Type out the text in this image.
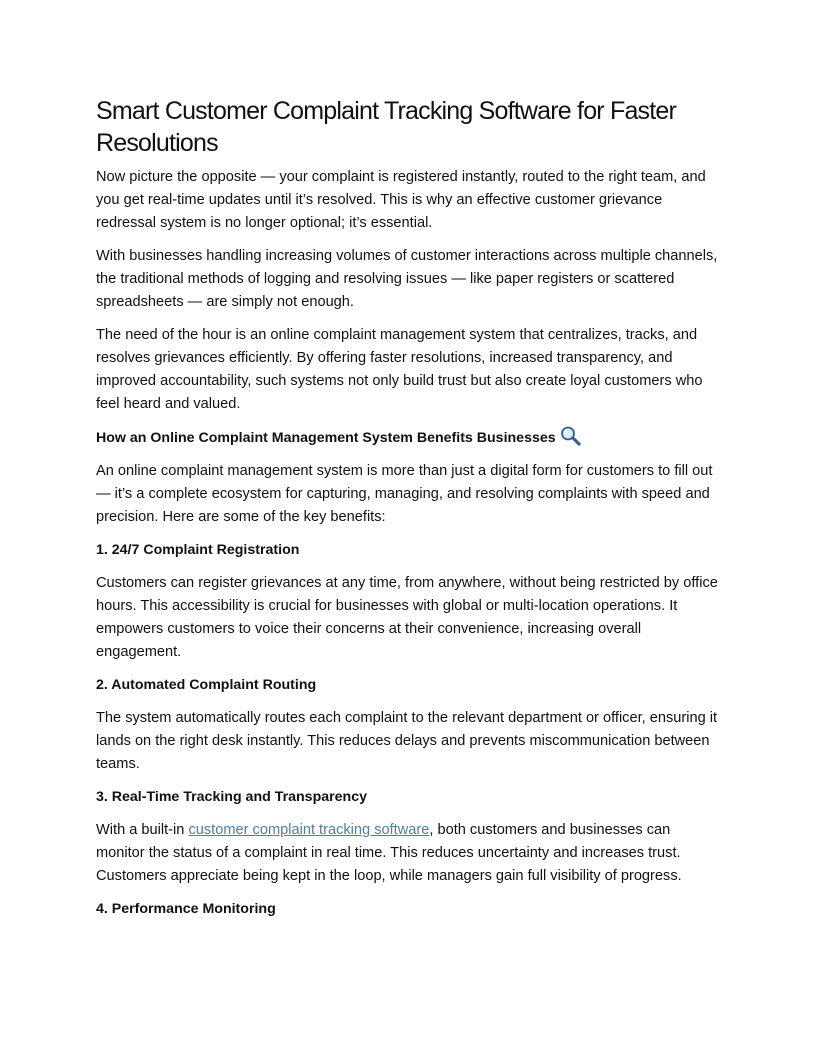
Smart Customer Complaint Tracking Software for Faster Resolutions

Now picture the opposite — your complaint is registered instantly, routed to the right team, and you get real-time updates until it’s resolved. This is why an effective customer grievance redressal system is no longer optional; it’s essential.

With businesses handling increasing volumes of customer interactions across multiple channels, the traditional methods of logging and resolving issues — like paper registers or scattered spreadsheets — are simply not enough.

The need of the hour is an online complaint management system that centralizes, tracks, and resolves grievances efficiently. By offering faster resolutions, increased transparency, and improved accountability, such systems not only build trust but also create loyal customers who feel heard and valued.

How an Online Complaint Management System Benefits Businesses

An online complaint management system is more than just a digital form for customers to fill out — it’s a complete ecosystem for capturing, managing, and resolving complaints with speed and precision. Here are some of the key benefits:

1. 24/7 Complaint Registration

Customers can register grievances at any time, from anywhere, without being restricted by office hours. This accessibility is crucial for businesses with global or multi-location operations. It empowers customers to voice their concerns at their convenience, increasing overall engagement.

2. Automated Complaint Routing

The system automatically routes each complaint to the relevant department or officer, ensuring it lands on the right desk instantly. This reduces delays and prevents miscommunication between teams.

3. Real-Time Tracking and Transparency

With a built-in customer complaint tracking software, both customers and businesses can monitor the status of a complaint in real time. This reduces uncertainty and increases trust. Customers appreciate being kept in the loop, while managers gain full visibility of progress.

4. Performance Monitoring
